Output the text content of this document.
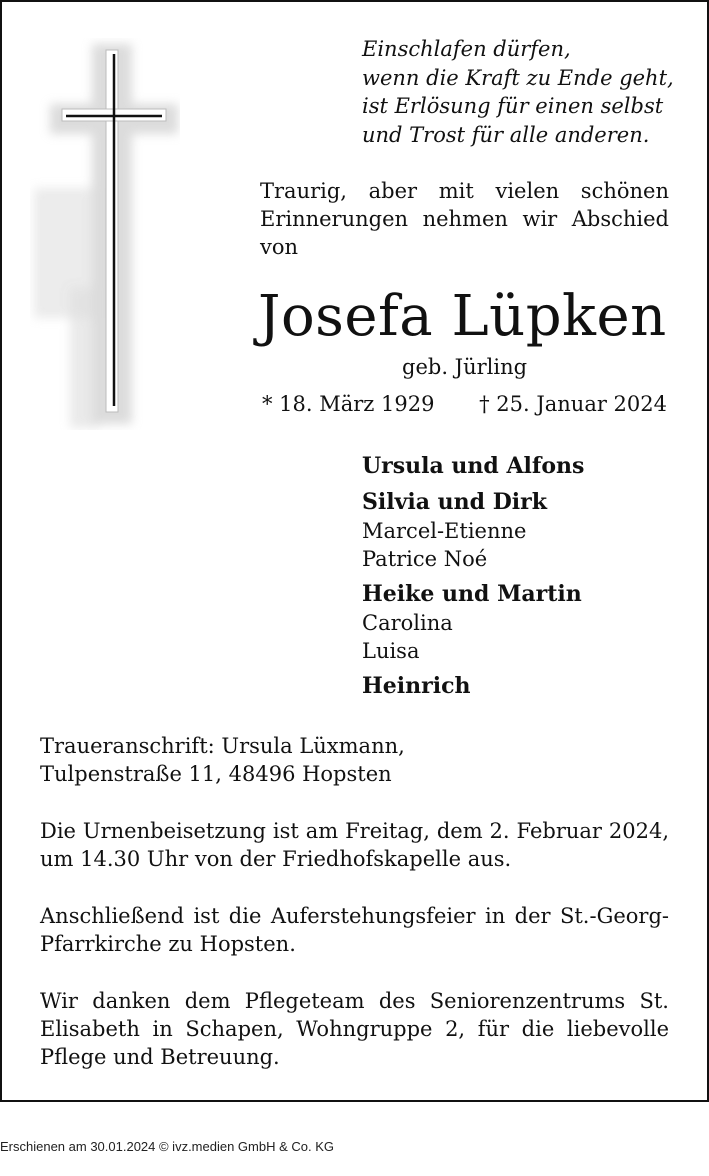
Einschlafen dürfen,
wenn die Kraft zu Ende geht,
ist Erlösung für einen selbst
und Trost für alle anderen.
Traurig, aber mit vielen schönen Erinnerungen nehmen wir Abschied von
Josefa Lüpken
geb. Jürling
* 18. März 1929 † 25. Januar 2024
Ursula und Alfons
Silvia und Dirk
Marcel-Etienne
Patrice Noé
Heike und Martin
Carolina
Luisa
Heinrich
Traueranschrift: Ursula Lüxmann,
Tulpenstraße 11, 48496 Hopsten
Die Urnenbeisetzung ist am Freitag, dem 2. Februar 2024, um 14.30 Uhr von der Friedhofskapelle aus.
Anschließend ist die Auferstehungsfeier in der St.-Georg-Pfarrkirche zu Hopsten.
Wir danken dem Pflegeteam des Seniorenzentrums St. Elisabeth in Schapen, Wohngruppe 2, für die liebevolle Pflege und Betreuung.
Erschienen am 30.01.2024 © ivz.medien GmbH & Co. KG
